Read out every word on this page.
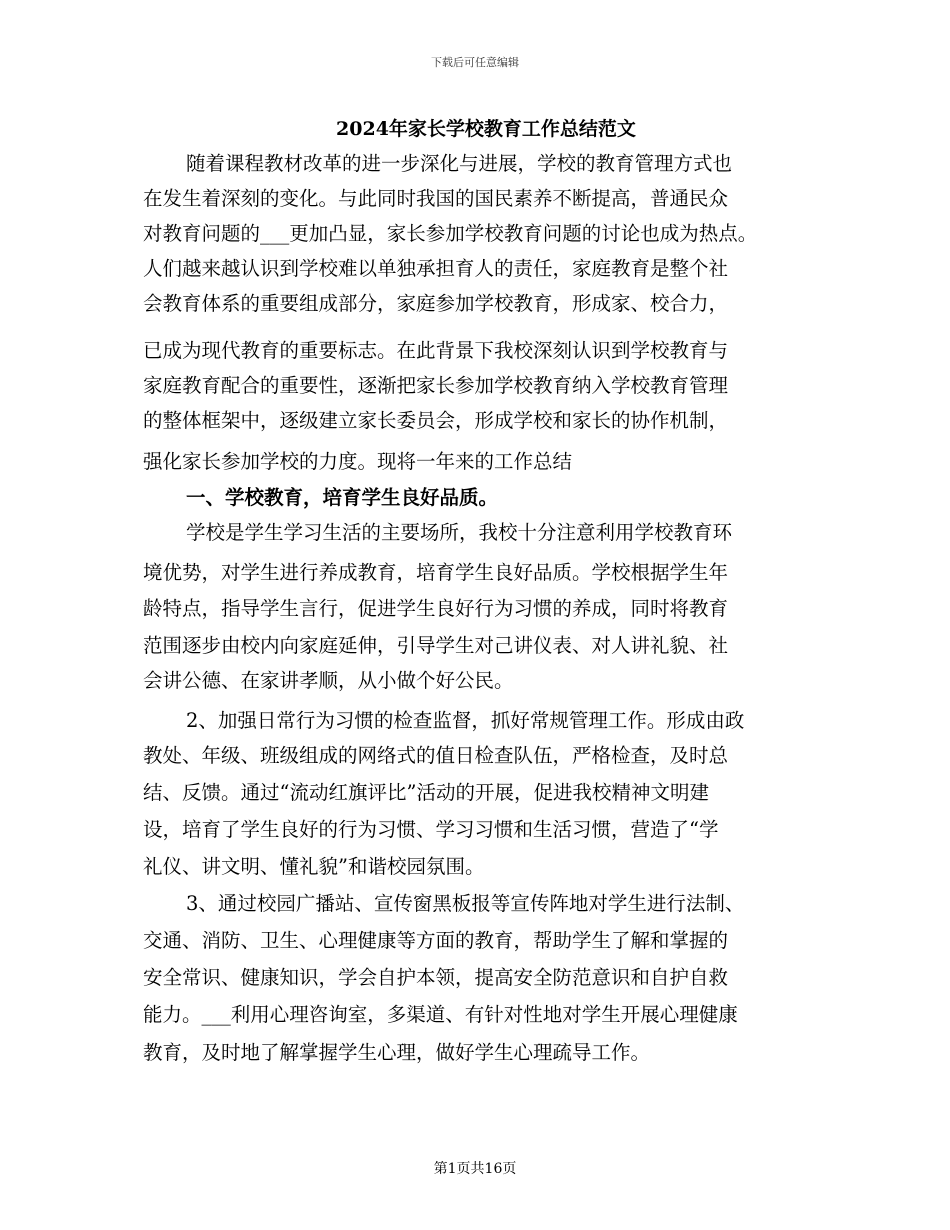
下载后可任意编辑
2024年家长学校教育工作总结范文
随着课程教材改革的进一步深化与进展，学校的教育管理方式也
在发生着深刻的变化。与此同时我国的国民素养不断提高，普通民众
对教育问题的___更加凸显，家长参加学校教育问题的讨论也成为热点。
人们越来越认识到学校难以单独承担育人的责任，家庭教育是整个社
会教育体系的重要组成部分，家庭参加学校教育，形成家、校合力，
已成为现代教育的重要标志。在此背景下我校深刻认识到学校教育与
家庭教育配合的重要性，逐渐把家长参加学校教育纳入学校教育管理
的整体框架中，逐级建立家长委员会，形成学校和家长的协作机制，
强化家长参加学校的力度。现将一年来的工作总结
一、学校教育，培育学生良好品质。
学校是学生学习生活的主要场所，我校十分注意利用学校教育环
境优势，对学生进行养成教育，培育学生良好品质。学校根据学生年
龄特点，指导学生言行，促进学生良好行为习惯的养成，同时将教育
范围逐步由校内向家庭延伸，引导学生对己讲仪表、对人讲礼貌、社
会讲公德、在家讲孝顺，从小做个好公民。
2、加强日常行为习惯的检查监督，抓好常规管理工作。形成由政
教处、年级、班级组成的网络式的值日检查队伍，严格检查，及时总
结、反馈。通过“流动红旗评比”活动的开展，促进我校精神文明建
设，培育了学生良好的行为习惯、学习习惯和生活习惯，营造了“学
礼仪、讲文明、懂礼貌”和谐校园氛围。
3、通过校园广播站、宣传窗黑板报等宣传阵地对学生进行法制、
交通、消防、卫生、心理健康等方面的教育，帮助学生了解和掌握的
安全常识、健康知识，学会自护本领，提高安全防范意识和自护自救
能力。___利用心理咨询室，多渠道、有针对性地对学生开展心理健康
教育，及时地了解掌握学生心理，做好学生心理疏导工作。
第1页共16页
